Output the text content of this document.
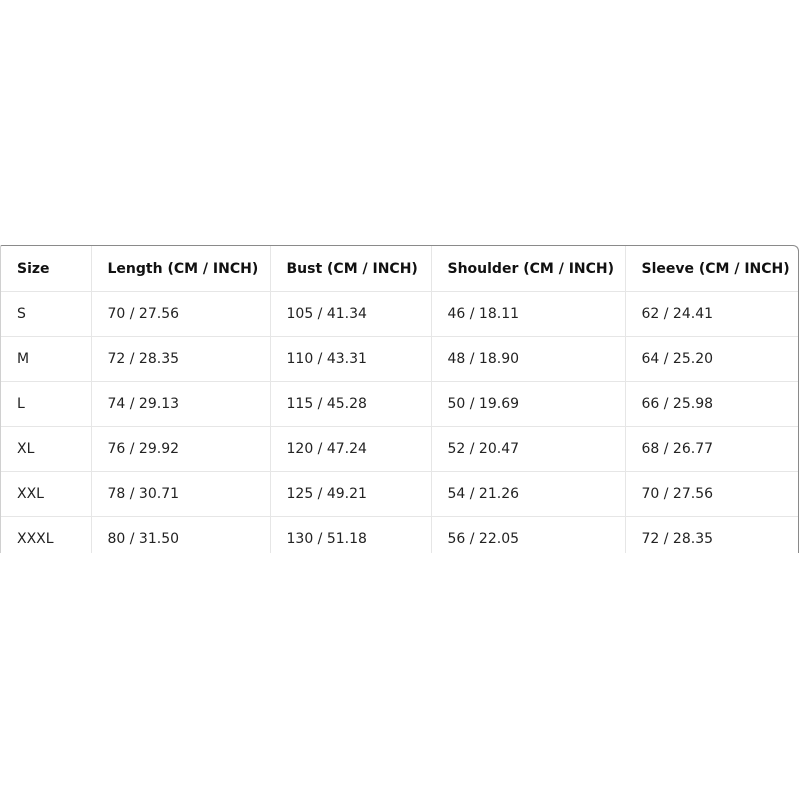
Size	Length (CM / INCH)	Bust (CM / INCH)	Shoulder (CM / INCH)	Sleeve (CM / INCH)
S	70 / 27.56	105 / 41.34	46 / 18.11	62 / 24.41
M	72 / 28.35	110 / 43.31	48 / 18.90	64 / 25.20
L	74 / 29.13	115 / 45.28	50 / 19.69	66 / 25.98
XL	76 / 29.92	120 / 47.24	52 / 20.47	68 / 26.77
XXL	78 / 30.71	125 / 49.21	54 / 21.26	70 / 27.56
XXXL	80 / 31.50	130 / 51.18	56 / 22.05	72 / 28.35
